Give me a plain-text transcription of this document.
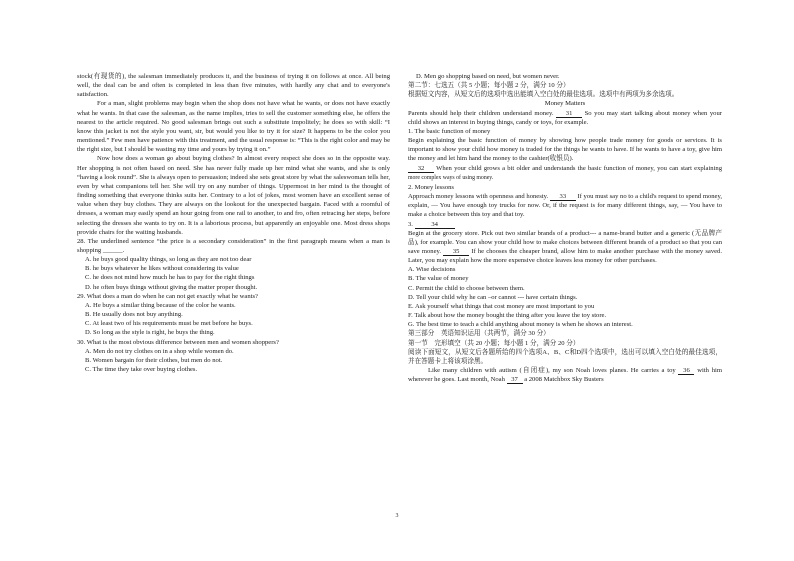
stock(有现货的), the salesman immediately produces it, and the business of trying it on follows at once. All being well, the deal can be and often is completed in less than five minutes, with hardly any chat and to everyone's satisfaction.

For a man, slight problems may begin when the shop does not have what he wants, or does not have exactly what he wants. In that case the salesman, as the name implies, tries to sell the customer something else, he offers the nearest to the article required. No good salesman brings out such a substitute impolitely; he does so with skill: “I know this jacket is not the style you want, sir, but would you like to try it for size? It happens to be the color you mentioned.” Few men have patience with this treatment, and the usual response is: “This is the right color and may be the right size, but I should be wasting my time and yours by trying it on.”

Now how does a woman go about buying clothes? In almost every respect she does so in the opposite way. Her shopping is not often based on need. She has never fully made up her mind what she wants, and she is only “having a look round”. She is always open to persuasion; indeed she sets great store by what the saleswoman tells her, even by what companions tell her. She will try on any number of things. Uppermost in her mind is the thought of finding something that everyone thinks suits her. Contrary to a lot of jokes, most women have an excellent sense of value when they buy clothes. They are always on the lookout for the unexpected bargain. Faced with a roomful of dresses, a woman may easily spend an hour going from one rail to another, to and fro, often retracing her steps, before selecting the dresses she wants to try on. It is a laborious process, but apparently an enjoyable one. Most dress shops provide chairs for the waiting husbands.

28. The underlined sentence “the price is a secondary consideration” in the first paragraph means when a man is shopping ______.

A. he buys good quality things, so long as they are not too dear

B. he buys whatever he likes without considering its value

C. he does not mind how much he has to pay for the right things

D. he often buys things without giving the matter proper thought.

29. What does a man do when he can not get exactly what he wants?

A. He buys a similar thing because of the color he wants.

B. He usually does not buy anything.

C. At least two of his requirements must be met before he buys.

D. So long as the style is right, he buys the thing.

30. What is the most obvious difference between men and women shoppers?

A. Men do not try clothes on in a shop while women do.

B. Women bargain for their clothes, but men do not.

C. The time they take over buying clothes.

D. Men go shopping based on need, but women never.

第二节：七选五（共 5 小题；每小题 2 分，满分 10 分）

根据短文内容，从短文后的选项中选出能填入空白处的最佳选项。选项中有两项为多余选项。

Money Matters

Parents should help their children understand money. 31 So you may start talking about money when your child shows an interest in buying things, candy or toys, for example.

1. The basic function of money

Begin explaining the basic function of money by showing how people trade money for goods or services. It is important to show your child how money is traded for the things he wants to have. If he wants to have a toy, give him the money and let him hand the money to the cashier(收银员).

32 When your child grows a bit older and understands the basic function of money, you can start explaining more complex ways of using money.

2. Money lessons

Approach money lessons with openness and honesty. 33 If you must say no to a child's request to spend money, explain, — You have enough toy trucks for now. Or, if the request is for many different things, say, — You have to make a choice between this toy and that toy.

3.	34

Begin at the grocery store. Pick out two similar brands of a product--- a name-brand butter and a generic (无品牌产品), for example. You can show your child how to make choices between different brands of a product so that you can save money. 35 If he chooses the cheaper brand, allow him to make another purchase with the money saved. Later, you may explain how the more expensive choice leaves less money for other purchases.

A. Wise decisions

B. The value of money

C. Permit the child to choose between them.

D. Tell your child why he can –or cannot --- have certain things.

E. Ask yourself what things that cost money are most important to you

F. Talk about how the money bought the thing after you leave the toy store.

G. The best time to teach a child anything about money is when he shows an interest.

第三部分　英语知识运用（共两节，满分 30 分）

第一节　完形填空（共 20 小题；每小题 1 分，满分 20 分）

阅读下面短文，从短文后各题所给的四个选项A、B、C和D四个选项中，选出可以填入空白处的最佳选项，并在答题卡上将该项涂黑。

Like many children with autism (自闭症), my son Noah loves planes. He carries a toy 36 with him wherever he goes. Last month, Noah 37 a 2008 Matchbox Sky Busters

3
